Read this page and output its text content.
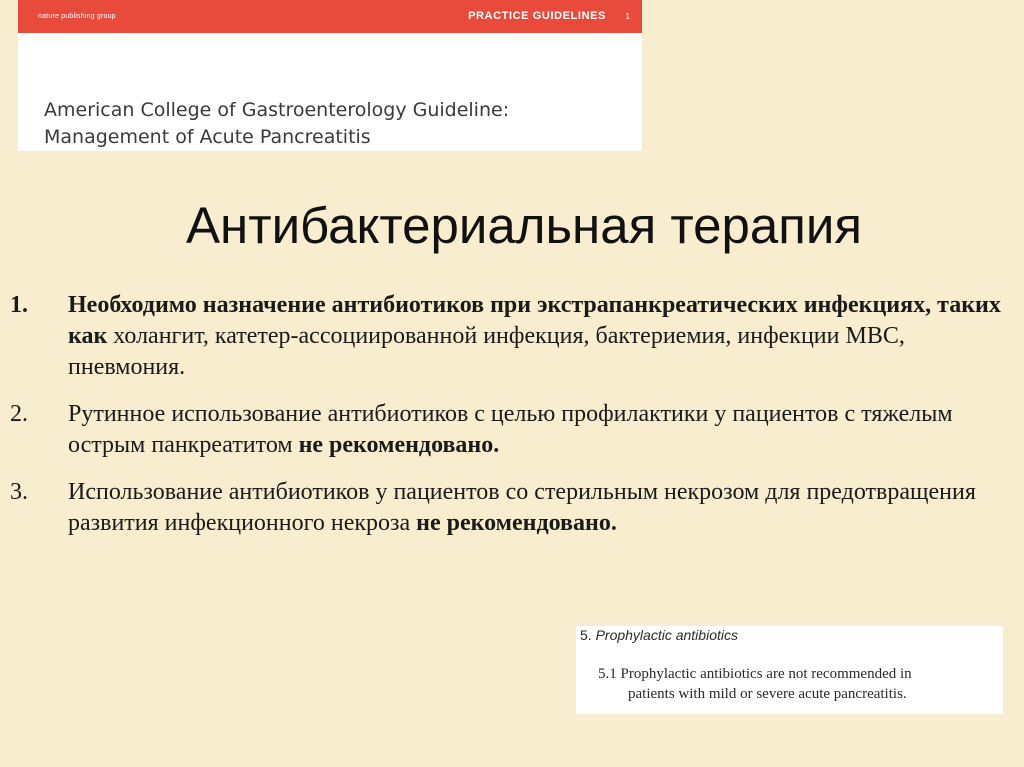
nature publishing group	PRACTICE GUIDELINES 1
American College of Gastroenterology Guideline:
Management of Acute Pancreatitis
Антибактериальная терапия
1. Необходимо назначение антибиотиков при экстрапанкреатических инфекциях, таких как холангит, катетер-ассоциированной инфекция, бактериемия, инфекции МВС, пневмония.
2. Рутинное использование антибиотиков с целью профилактики у пациентов с тяжелым острым панкреатитом не рекомендовано.
3. Использование антибиотиков у пациентов со стерильным некрозом для предотвращения развития инфекционного некроза не рекомендовано.
5. Prophylactic antibiotics
5.1 Prophylactic antibiotics are not recommended in
patients with mild or severe acute pancreatitis.
